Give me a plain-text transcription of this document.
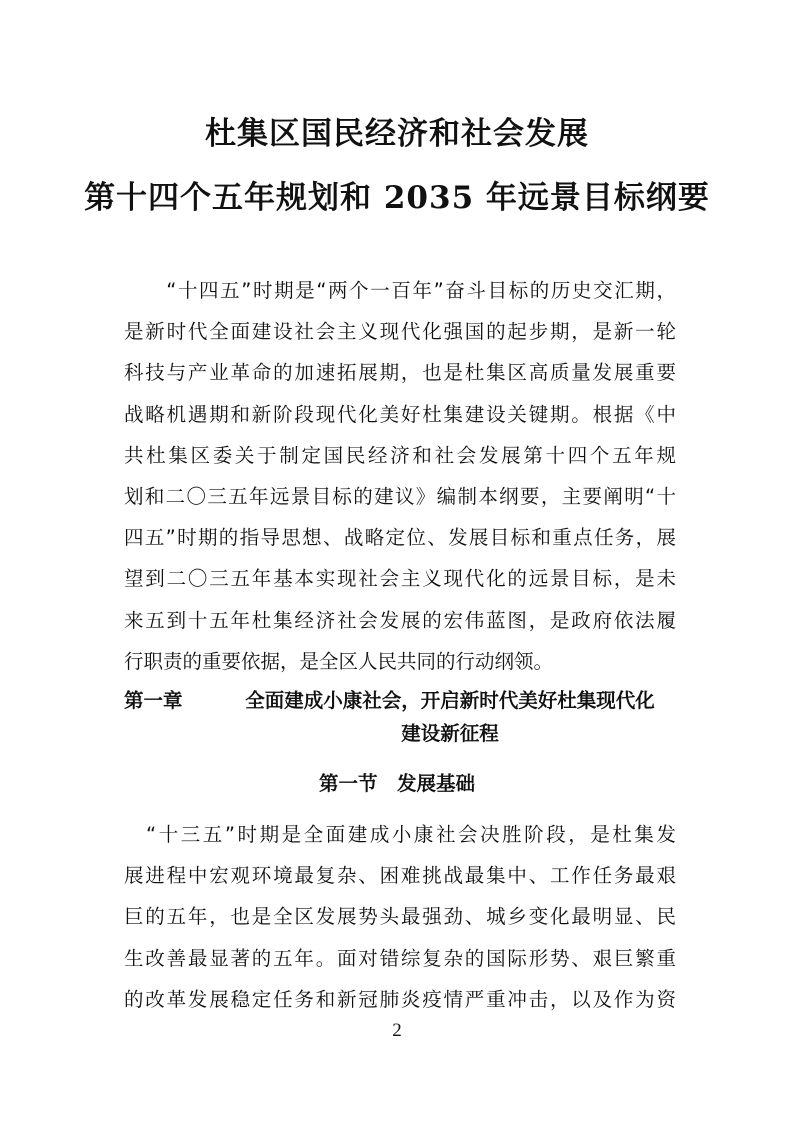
杜集区国民经济和社会发展
第十四个五年规划和 2035 年远景目标纲要
　　“十四五”时期是“两个一百年”奋斗目标的历史交汇期，
是新时代全面建设社会主义现代化强国的起步期，是新一轮
科技与产业革命的加速拓展期，也是杜集区高质量发展重要
战略机遇期和新阶段现代化美好杜集建设关键期。根据《中
共杜集区委关于制定国民经济和社会发展第十四个五年规
划和二〇三五年远景目标的建议》编制本纲要，主要阐明“十
四五”时期的指导思想、战略定位、发展目标和重点任务，展
望到二〇三五年基本实现社会主义现代化的远景目标，是未
来五到十五年杜集经济社会发展的宏伟蓝图，是政府依法履
行职责的重要依据，是全区人民共同的行动纲领。
第一章	全面建成小康社会，开启新时代美好杜集现代化
建设新征程
第一节　发展基础
　“十三五”时期是全面建成小康社会决胜阶段，是杜集发
展进程中宏观环境最复杂、困难挑战最集中、工作任务最艰
巨的五年，也是全区发展势头最强劲、城乡变化最明显、民
生改善最显著的五年。面对错综复杂的国际形势、艰巨繁重
的改革发展稳定任务和新冠肺炎疫情严重冲击，以及作为资
2
